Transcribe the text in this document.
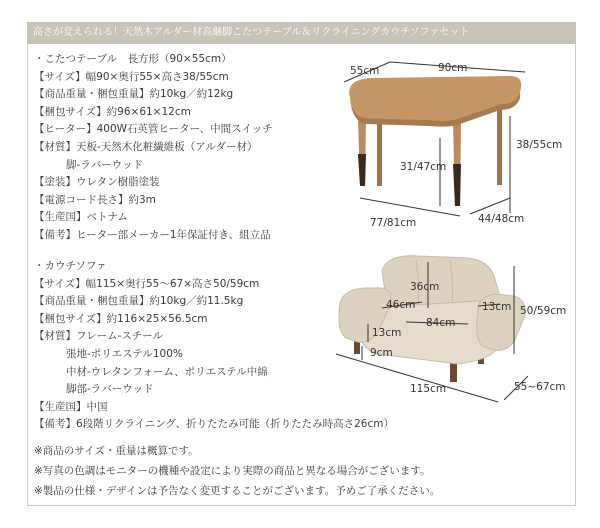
高さが変えられる！天然木アルダー材高継脚こたつテーブル＆リクライニングカウチソファセット
・こたつテーブル　長方形（90×55cm）
【サイズ】幅90×奥行55×高さ38/55cm
【商品重量・梱包重量】約10kg／約12kg
【梱包サイズ】約96×61×12cm
【ヒーター】400W石英管ヒーター、中間スイッチ
【材質】天板-天然木化粧繊維板（アルダー材）
脚-ラバーウッド
【塗装】ウレタン樹脂塗装
【電源コード長さ】約3m
【生産国】ベトナム
【備考】ヒーター部メーカー1年保証付き、組立品
・カウチソファ
【サイズ】幅115×奥行55～67×高さ50/59cm
【商品重量・梱包重量】約10kg／約11.5kg
【梱包サイズ】約116×25×56.5cm
【材質】フレーム-スチール
張地-ポリエステル100%
中材-ウレタンフォーム、ポリエステル中綿
脚部-ラバーウッド
【生産国】中国
【備考】6段階リクライニング、折りたたみ可能（折りたたみ時高さ26cm）
※商品のサイズ・重量は概算です。
※写真の色調はモニターの機種や設定により実際の商品と異なる場合がございます。
※製品の仕様・デザインは予告なく変更することがございます。予めご了承ください。
55cm	90cm
38/55cm
31/47cm
77/81cm	44/48cm
36cm
46cm	13cm 50/59cm
84cm
13cm
9cm
115cm	55~67cm
